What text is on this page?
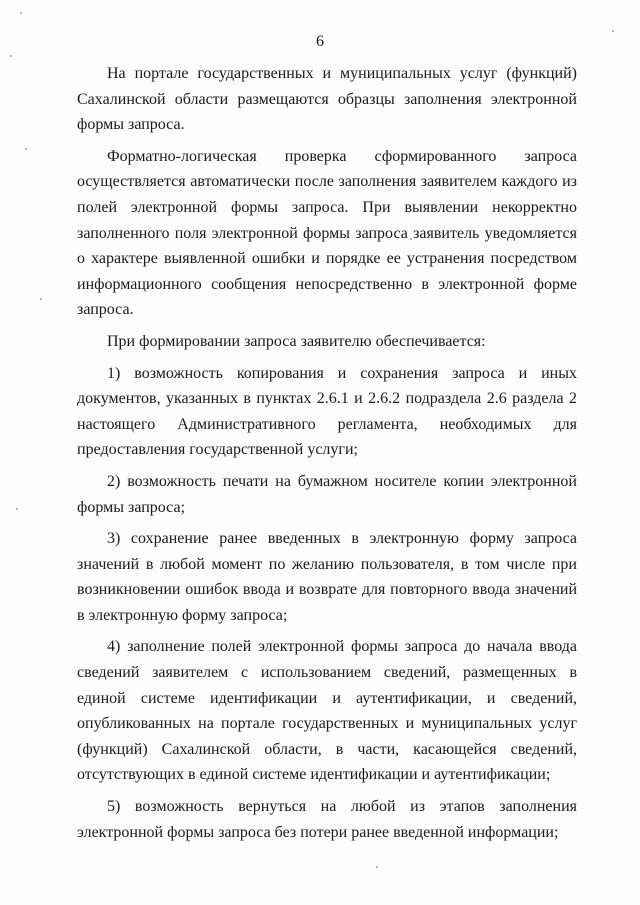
6

На портале государственных и муниципальных услуг (функций) Сахалинской области размещаются образцы заполнения электронной формы запроса.

Форматно-логическая проверка сформированного запроса осуществляется автоматически после заполнения заявителем каждого из полей электронной формы запроса. При выявлении некорректно заполненного поля электронной формы запроса заявитель уведомляется о характере выявленной ошибки и порядке ее устранения посредством информационного сообщения непосредственно в электронной форме запроса.

При формировании запроса заявителю обеспечивается:

1) возможность копирования и сохранения запроса и иных документов, указанных в пунктах 2.6.1 и 2.6.2 подраздела 2.6 раздела 2 настоящего Административного регламента, необходимых для предоставления государственной услуги;

2) возможность печати на бумажном носителе копии электронной формы запроса;

3) сохранение ранее введенных в электронную форму запроса значений в любой момент по желанию пользователя, в том числе при возникновении ошибок ввода и возврате для повторного ввода значений в электронную форму запроса;

4) заполнение полей электронной формы запроса до начала ввода сведений заявителем с использованием сведений, размещенных в единой системе идентификации и аутентификации, и сведений, опубликованных на портале государственных и муниципальных услуг (функций) Сахалинской области, в части, касающейся сведений, отсутствующих в единой системе идентификации и аутентификации;

5) возможность вернуться на любой из этапов заполнения электронной формы запроса без потери ранее введенной информации;
